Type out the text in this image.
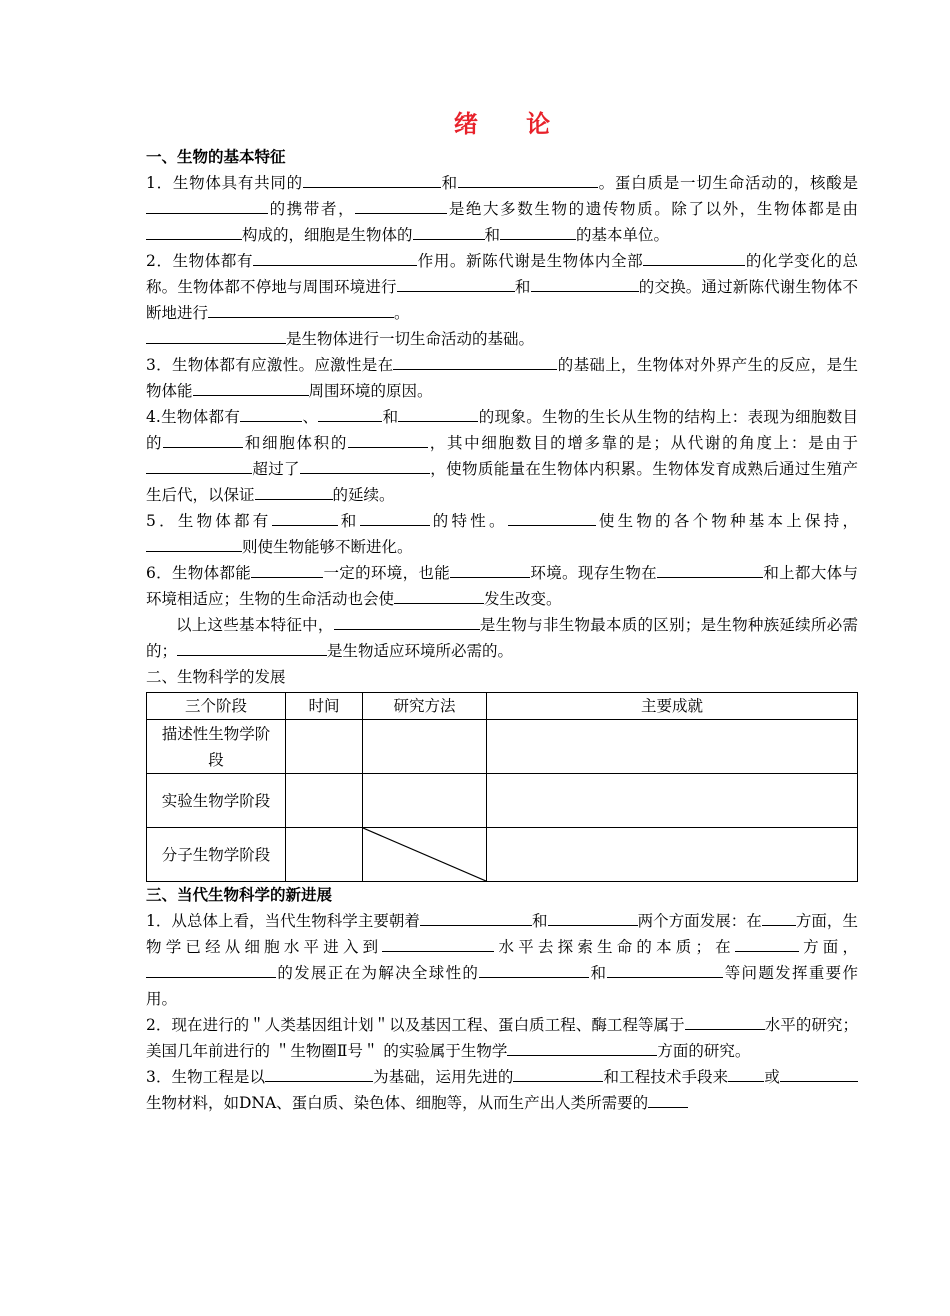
绪 论
一、生物的基本特征
1．生物体具有共同的	和	。蛋白质是一切生命活动的，核酸是的携带者，	是绝大多数生物的遗传物质。除了以外，生物体都是由构成的，细胞是生物体的	和	的基本单位。
2．生物体都有	作用。新陈代谢是生物体内全部	的化学变化的总称。生物体都不停地与周围环境进行	和	的交换。通过新陈代谢生物体不断地进行	。
是生物体进行一切生命活动的基础。
3．生物体都有应激性。应激性是在	的基础上，生物体对外界产生的反应，是生物体能	周围环境的原因。
4.生物体都有	、	和	的现象。生物的生长从生物的结构上：表现为细胞数目的	和细胞体积的	，其中细胞数目的增多靠的是；从代谢的角度上：是由于超过了	，使物质能量在生物体内积累。生物体发育成熟后通过生殖产生后代，以保证	的延续。
5．生物体都有	和	的特性。	使生物的各个物种基本上保持，则使生物能够不断进化。
6．生物体都能	一定的环境，也能	环境。现存生物在	和上都大体与环境相适应；生物的生命活动也会使	发生改变。
以上这些基本特征中，	是生物与非生物最本质的区别；是生物种族延续所必需的；	是生物适应环境所必需的。
二、生物科学的发展
三个阶段	时间	研究方法	主要成就
描述性生物学阶段			
实验生物学阶段			
分子生物学阶段		

三、当代生物科学的新进展
1．从总体上看，当代生物科学主要朝着	和	两个方面发展：在 方面，生物学已经从细胞水平进入到	水平去探索生命的本质；在	方面，的发展正在为解决全球性的	和	等问题发挥重要作用。
2．现在进行的＂人类基因组计划＂以及基因工程、蛋白质工程、酶工程等属于	水平的研究；美国几年前进行的 ＂生物圈Ⅱ号＂ 的实验属于生物学	方面的研究。
3．生物工程是以	为基础，运用先进的	和工程技术手段来 或生物材料，如DNA、蛋白质、染色体、细胞等，从而生产出人类所需要的
